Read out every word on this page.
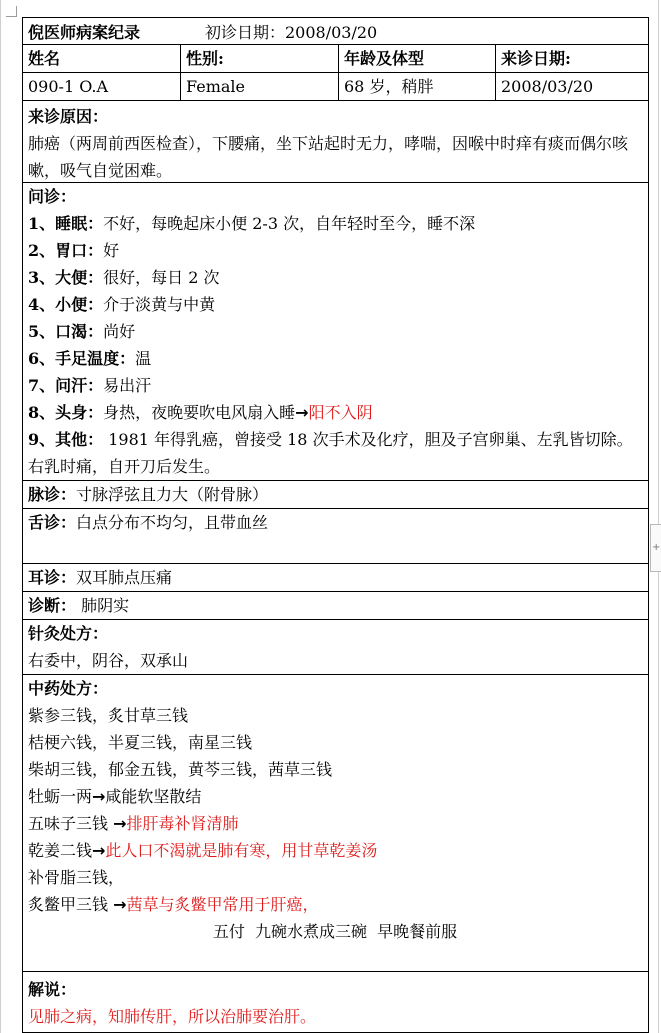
+
倪医师病案纪录	初诊日期：2008/03/20
姓名	性别:	年龄及体型	来诊日期:
090-1 O.A	Female	68 岁，稍胖	2008/03/20
来诊原因：
肺癌（两周前西医检查），下腰痛，坐下站起时无力，哮喘，因喉中时痒有痰而偶尔咳嗽，吸气自觉困难。
问诊：
1、睡眠：不好，每晚起床小便 2-3 次，自年轻时至今，睡不深
2、胃口：好
3、大便：很好，每日 2 次
4、小便：介于淡黄与中黄
5、口渴：尚好
6、手足温度：温
7、问汗：易出汗
8、头身：身热，夜晚要吹电风扇入睡→阳不入阴
9、其他： 1981 年得乳癌，曾接受 18 次手术及化疗，胆及子宫卵巢、左乳皆切除。右乳时痛，自开刀后发生。
脉诊：寸脉浮弦且力大（附骨脉）
舌诊：白点分布不均匀，且带血丝
耳诊：双耳肺点压痛
诊断： 肺阴实
针灸处方：
右委中，阴谷，双承山
中药处方：
紫参三钱，炙甘草三钱
桔梗六钱，半夏三钱，南星三钱
柴胡三钱，郁金五钱，黄芩三钱，茜草三钱
牡蛎一两→咸能软坚散结
五味子三钱 →排肝毒补肾清肺
乾姜二钱→此人口不渴就是肺有寒，用甘草乾姜汤
补骨脂三钱，
炙鳖甲三钱 →茜草与炙鳖甲常用于肝癌，
五付  九碗水煮成三碗  早晚餐前服
解说：
见肺之病，知肺传肝，所以治肺要治肝。
